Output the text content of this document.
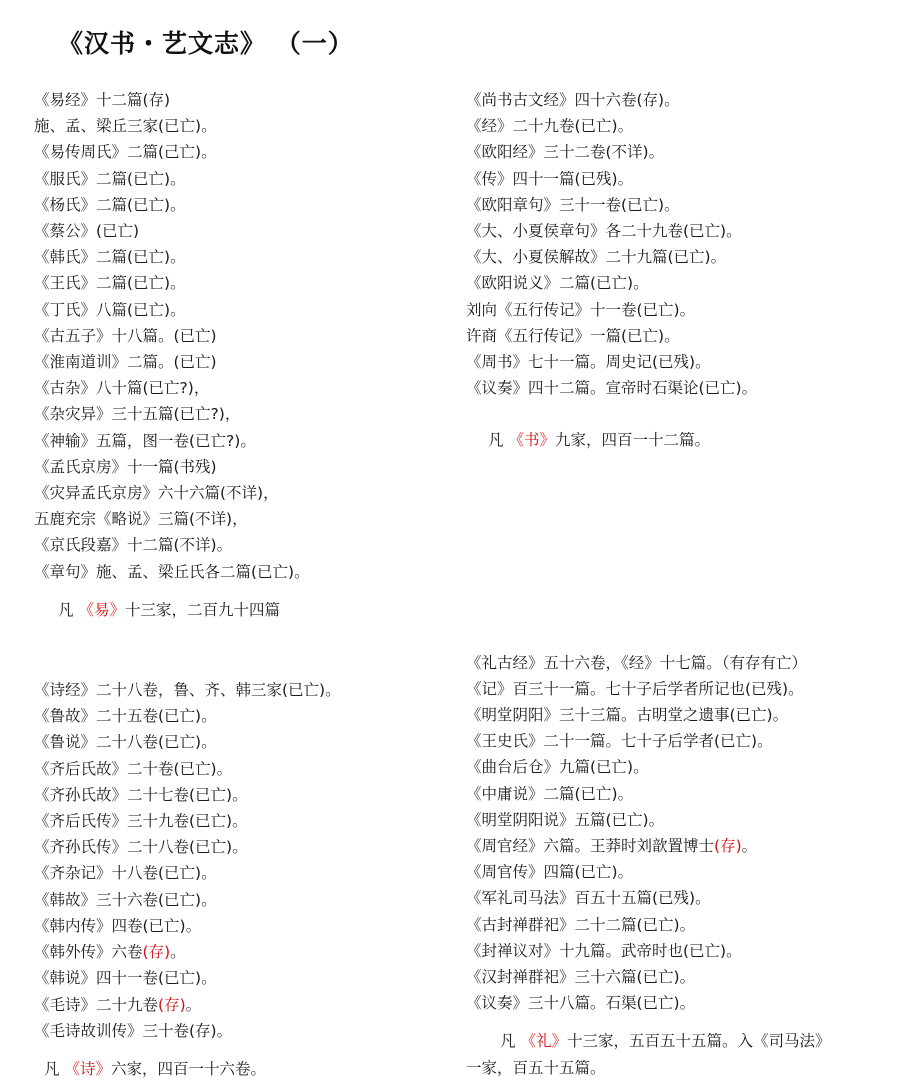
《汉书・艺文志》 （一）
《易经》十二篇(存)
施、孟、梁丘三家(已亡)。
《易传周氏》二篇(己亡)。
《服氏》二篇(已亡)。
《杨氏》二篇(已亡)。
《蔡公》(已亡)
《韩氏》二篇(已亡)。
《王氏》二篇(已亡)。
《丁氏》八篇(已亡)。
《古五子》十八篇。(已亡)
《淮南道训》二篇。(已亡)
《古杂》八十篇(已亡?)，
《杂灾异》三十五篇(已亡?)，
《神输》五篇，图一卷(已亡?)。
《孟氏京房》十一篇(书残)
《灾异孟氏京房》六十六篇(不详)，
五鹿充宗《略说》三篇(不详)，
《京氏段嘉》十二篇(不详)。
《章句》施、孟、梁丘氏各二篇(已亡)。
凡 《易》十三家，二百九十四篇
《诗经》二十八卷，鲁、齐、韩三家(已亡)。
《鲁故》二十五卷(已亡)。
《鲁说》二十八卷(已亡)。
《齐后氏故》二十卷(已亡)。
《齐孙氏故》二十七卷(已亡)。
《齐后氏传》三十九卷(已亡)。
《齐孙氏传》二十八卷(已亡)。
《齐杂记》十八卷(已亡)。
《韩故》三十六卷(已亡)。
《韩内传》四卷(已亡)。
《韩外传》六卷(存)。
《韩说》四十一卷(已亡)。
《毛诗》二十九卷(存)。
《毛诗故训传》三十卷(存)。
凡 《诗》六家，四百一十六卷。
《尚书古文经》四十六卷(存)。
《经》二十九卷(已亡)。
《欧阳经》三十二卷(不详)。
《传》四十一篇(已残)。
《欧阳章句》三十一卷(已亡)。
《大、小夏侯章句》各二十九卷(已亡)。
《大、小夏侯解故》二十九篇(已亡)。
《欧阳说义》二篇(已亡)。
刘向《五行传记》十一卷(已亡)。
许商《五行传记》一篇(已亡)。
《周书》七十一篇。周史记(已残)。
《议奏》四十二篇。宣帝时石渠论(已亡)。
凡 《书》九家，四百一十二篇。
《礼古经》五十六卷，《经》十七篇。（有存有亡）
《记》百三十一篇。七十子后学者所记也(已残)。
《明堂阴阳》三十三篇。古明堂之遗事(已亡)。
《王史氏》二十一篇。七十子后学者(已亡)。
《曲台后仓》九篇(已亡)。
《中庸说》二篇(已亡)。
《明堂阴阳说》五篇(已亡)。
《周官经》六篇。王莽时刘歆置博士(存)。
《周官传》四篇(已亡)。
《军礼司马法》百五十五篇(已残)。
《古封禅群祀》二十二篇(已亡)。
《封禅议对》十九篇。武帝时也(已亡)。
《汉封禅群祀》三十六篇(已亡)。
《议奏》三十八篇。石渠(已亡)。
凡 《礼》十三家，五百五十五篇。入《司马法》
一家，百五十五篇。
